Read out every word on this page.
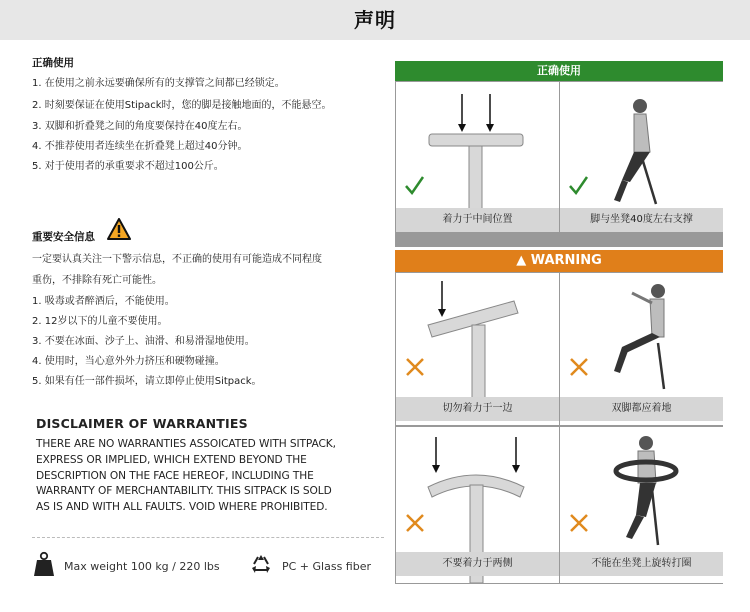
声明
正确使用
1. 在使用之前永远要确保所有的支撑管之间都已经锁定。
2. 时刻要保证在使用Stipack时，您的脚是接触地面的，不能悬空。
3. 双脚和折叠凳之间的角度要保持在40度左右。
4. 不推荐使用者连续坐在折叠凳上超过40分钟。
5. 对于使用者的承重要求不超过100公斤。
重要安全信息
一定要认真关注一下警示信息，不正确的使用有可能造成不同程度
重伤，不排除有死亡可能性。
1. 吸毒或者醉酒后，不能使用。
2. 12岁以下的儿童不要使用。
3. 不要在冰面、沙子上、油滑、和易滑湿地使用。
4. 使用时，当心意外外力挤压和硬物碰撞。
5. 如果有任一部件损坏，请立即停止使用Sitpack。
DISCLAIMER OF WARRANTIES
THERE ARE NO WARRANTIES ASSOICATED WITH SITPACK,
EXPRESS OR IMPLIED, WHICH EXTEND BEYOND THE
DESCRIPTION ON THE FACE HEREOF, INCLUDING THE
WARRANTY OF MERCHANTABILITY. THIS SITPACK IS SOLD
AS IS AND WITH ALL FAULTS. VOID WHERE PROHIBITED.
Max weight 100 kg / 220 lbs	PC + Glass fiber
正确使用
着力于中间位置	脚与坐凳40度左右支撑
▲ WARNING
切勿着力于一边	双脚都应着地
不要着力于两侧	不能在坐凳上旋转打圈
